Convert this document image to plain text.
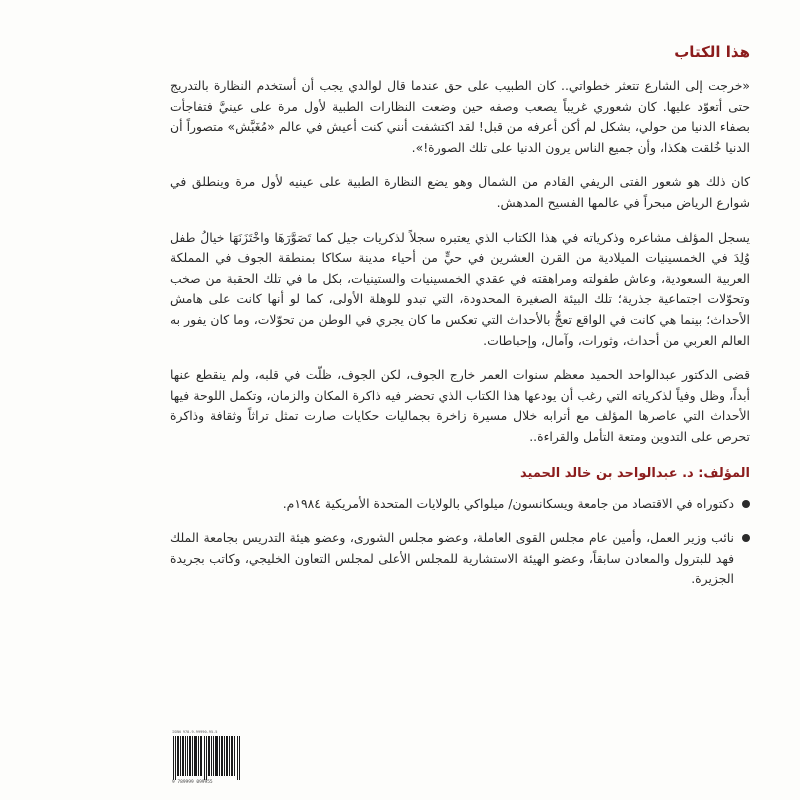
هذا الكتاب

«خرجت إلى الشارع تتعثر خطواتي.. كان الطبيب على حق عندما قال لوالدي يجب أن أستخدم النظارة بالتدريج حتى أتعوّد عليها. كان شعوري غريباً يصعب وصفه حين وضعت النظارات الطبية لأول مرة على عينيَّ فتفاجأت بصفاء الدنيا من حولي، بشكل لم أكن أعرفه من قبل! لقد اكتشفت أنني كنت أعيش في عالم «مُغَبَّش» متصوراً أن الدنيا خُلقت هكذا، وأن جميع الناس يرون الدنيا على تلك الصورة!».

كان ذلك هو شعور الفتى الريفي القادم من الشمال وهو يضع النظارة الطبية على عينيه لأول مرة وينطلق في شوارع الرياض مبحراً في عالمها الفسيح المدهش.

يسجل المؤلف مشاعره وذكرياته في هذا الكتاب الذي يعتبره سجلاً لذكريات جيل كما تَصَوَّرَهَا واخْتَزَنَهَا خيالُ طفل وُلِدَ في الخمسينيات الميلادية من القرن العشرين في حيٍّ من أحياء مدينة سكاكا بمنطقة الجوف في المملكة العربية السعودية، وعاش طفولته ومراهقته في عقدي الخمسينيات والستينيات، بكل ما في تلك الحقبة من صخب وتحوّلات اجتماعية جذرية؛ تلك البيئة الصغيرة المحدودة، التي تبدو للوهلة الأولى، كما لو أنها كانت على هامش الأحداث؛ بينما هي كانت في الواقع تعجُّ بالأحداث التي تعكس ما كان يجري في الوطن من تحوّلات، وما كان يفور به العالم العربي من أحداث، وثورات، وآمال، وإحباطات.

قضى الدكتور عبدالواحد الحميد معظم سنوات العمر خارج الجوف، لكن الجوف، ظلّت في قلبه، ولم ينقطع عنها أبداً، وظل وفياً لذكرياته التي رغب أن يودعها هذا الكتاب الذي تحضر فيه ذاكرة المكان والزمان، وتكمل اللوحة فيها الأحداث التي عاصرها المؤلف مع أترابه خلال مسيرة زاخرة بجماليات حكايات صارت تمثل تراثاً وثقافة وذاكرة تحرص على التدوين ومتعة التأمل والقراءة..

المؤلف: د. عبدالواحد بن خالد الحميد
دكتوراه في الاقتصاد من جامعة ويسكانسون/ ميلواكي بالولايات المتحدة الأمريكية ١٩٨٤م.
نائب وزير العمل، وأمين عام مجلس القوى العاملة، وعضو مجلس الشورى، وعضو هيئة التدريس بجامعة الملك فهد للبترول والمعادن سابقاً، وعضو الهيئة الاستشارية للمجلس الأعلى لمجلس التعاون الخليجي، وكاتب بجريدة الجزيرة.
ISBN 978-9-99990-95-5
9 789999 099955
